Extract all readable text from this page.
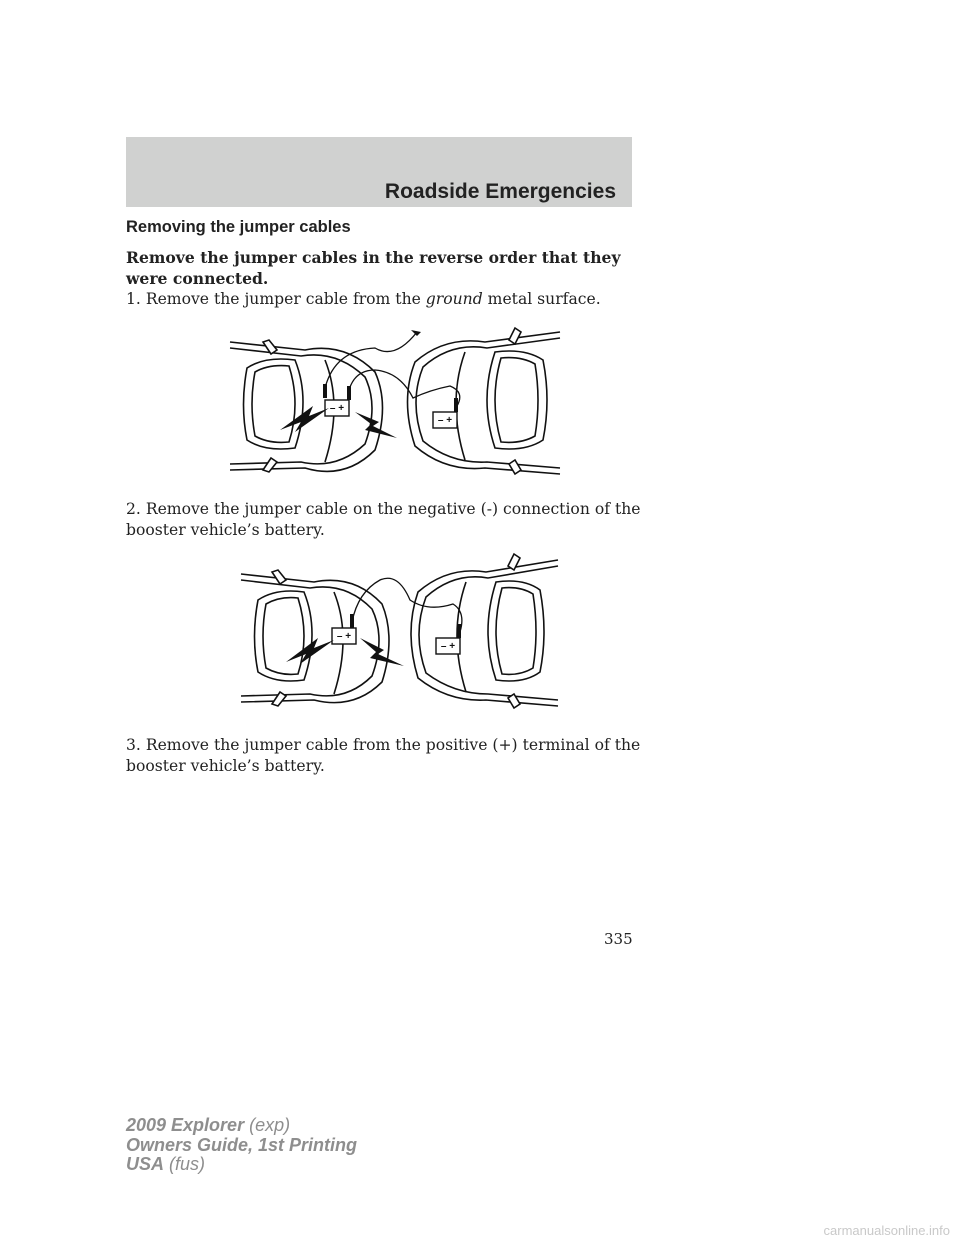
Roadside Emergencies
Removing the jumper cables
Remove the jumper cables in the reverse order that they were connected.
1. Remove the jumper cable from the ground metal surface.
– +
– +
2. Remove the jumper cable on the negative (-) connection of the booster vehicle’s battery.
– +
– +
3. Remove the jumper cable from the positive (+) terminal of the booster vehicle’s battery.
335
2009 Explorer (exp)
Owners Guide, 1st Printing
USA (fus)
carmanualsonline.info
